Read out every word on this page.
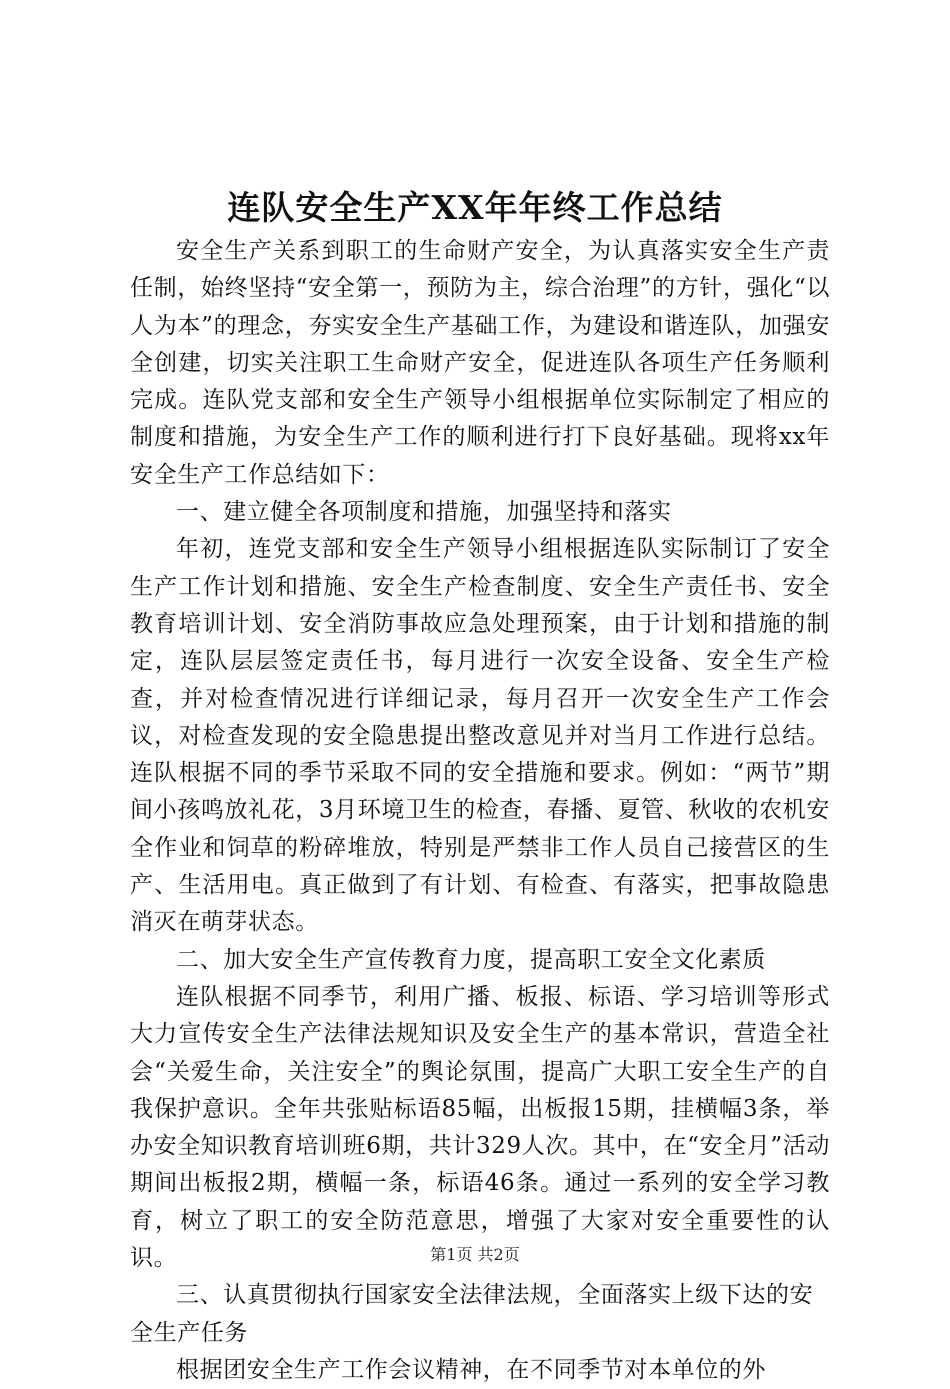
连队安全生产XX年年终工作总结

安全生产关系到职工的生命财产安全，为认真落实安全生产责任制，始终坚持“安全第一，预防为主，综合治理”的方针，强化“以人为本”的理念，夯实安全生产基础工作，为建设和谐连队，加强安全创建，切实关注职工生命财产安全，促进连队各项生产任务顺利完成。连队党支部和安全生产领导小组根据单位实际制定了相应的制度和措施，为安全生产工作的顺利进行打下良好基础。现将xx年安全生产工作总结如下：

一、建立健全各项制度和措施，加强坚持和落实

年初，连党支部和安全生产领导小组根据连队实际制订了安全生产工作计划和措施、安全生产检查制度、安全生产责任书、安全教育培训计划、安全消防事故应急处理预案，由于计划和措施的制定，连队层层签定责任书，每月进行一次安全设备、安全生产检查，并对检查情况进行详细记录，每月召开一次安全生产工作会议，对检查发现的安全隐患提出整改意见并对当月工作进行总结。连队根据不同的季节采取不同的安全措施和要求。例如：“两节”期间小孩鸣放礼花，3月环境卫生的检查，春播、夏管、秋收的农机安全作业和饲草的粉碎堆放，特别是严禁非工作人员自己接营区的生产、生活用电。真正做到了有计划、有检查、有落实，把事故隐患消灭在萌芽状态。

二、加大安全生产宣传教育力度，提高职工安全文化素质

连队根据不同季节，利用广播、板报、标语、学习培训等形式大力宣传安全生产法律法规知识及安全生产的基本常识，营造全社会“关爱生命，关注安全”的舆论氛围，提高广大职工安全生产的自我保护意识。全年共张贴标语85幅，出板报15期，挂横幅3条，举办安全知识教育培训班6期，共计329人次。其中，在“安全月”活动期间出板报2期，横幅一条，标语46条。通过一系列的安全学习教育，树立了职工的安全防范意思，增强了大家对安全重要性的认识。

三、认真贯彻执行国家安全法律法规，全面落实上级下达的安全生产任务

根据团安全生产工作会议精神，在不同季节对本单位的外

第1页 共2页
